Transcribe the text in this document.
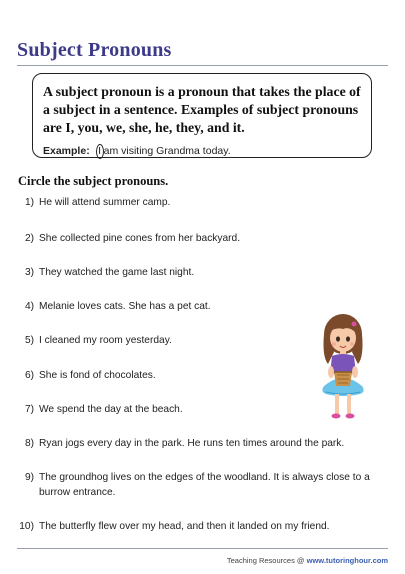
Subject Pronouns
A subject pronoun is a pronoun that takes the place of a subject in a sentence. Examples of subject pronouns are I, you, we, she, he, they, and it.
Example: I am visiting Grandma today.
Circle the subject pronouns.
1) He will attend summer camp.
2) She collected pine cones from her backyard.
3) They watched the game last night.
4) Melanie loves cats. She has a pet cat.
5) I cleaned my room yesterday.
6) She is fond of chocolates.
7) We spend the day at the beach.
8) Ryan jogs every day in the park. He runs ten times around the park.
9) The groundhog lives on the edges of the woodland. It is always close to a burrow entrance.
10) The butterfly flew over my head, and then it landed on my friend.
Teaching Resources @ www.tutoringhour.com
